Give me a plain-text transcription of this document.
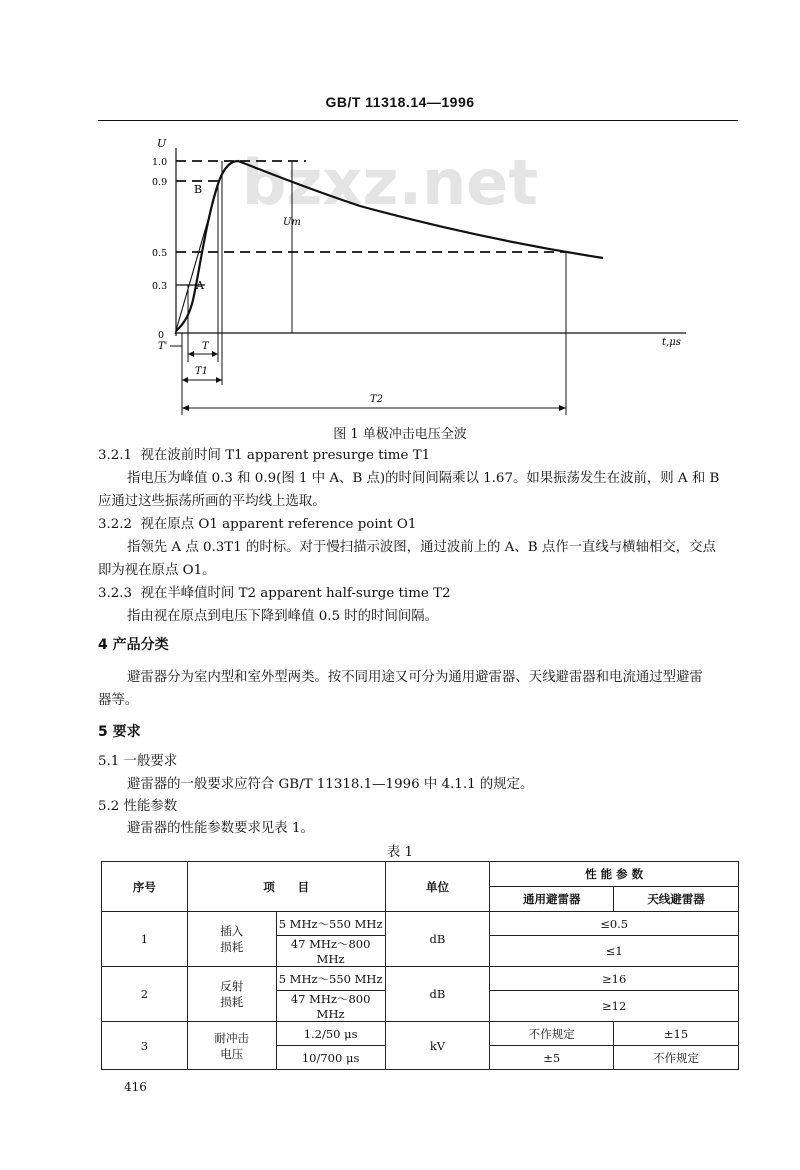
GB/T 11318.14—1996
bzxz.net
U
t,μs
1.0
0.9
0.5
0.3
0
A
B
Um
T'	T
T1
T2
图 1 单极冲击电压全波
3.2.1 视在波前时间 T1 apparent presurge time T1
指电压为峰值 0.3 和 0.9(图 1 中 A、B 点)的时间间隔乘以 1.67。如果振荡发生在波前，则 A 和 B
应通过这些振荡所画的平均线上选取。
3.2.2 视在原点 O1 apparent reference point O1
指领先 A 点 0.3T1 的时标。对于慢扫描示波图，通过波前上的 A、B 点作一直线与横轴相交，交点
即为视在原点 O1。
3.2.3 视在半峰值时间 T2 apparent half-surge time T2
指由视在原点到电压下降到峰值 0.5 时的时间间隔。
4 产品分类
避雷器分为室内型和室外型两类。按不同用途又可分为通用避雷器、天线避雷器和电流通过型避雷
器等。
5 要求
5.1 一般要求
避雷器的一般要求应符合 GB/T 11318.1—1996 中 4.1.1 的规定。
5.2 性能参数
避雷器的性能参数要求见表 1。
表 1
序号	项　　目		单位	性 能 参 数	
				通用避雷器	天线避雷器
1	插入
损耗	5 MHz～550 MHz	dB	≤0.5	
		47 MHz～800 MHz		≤1	
2	反射
损耗	5 MHz～550 MHz	dB	≥16	
		47 MHz～800 MHz		≥12	
3	耐冲击
电压	1.2/50 μs	kV	不作规定	±15
		10/700 μs		±5	不作规定
416
